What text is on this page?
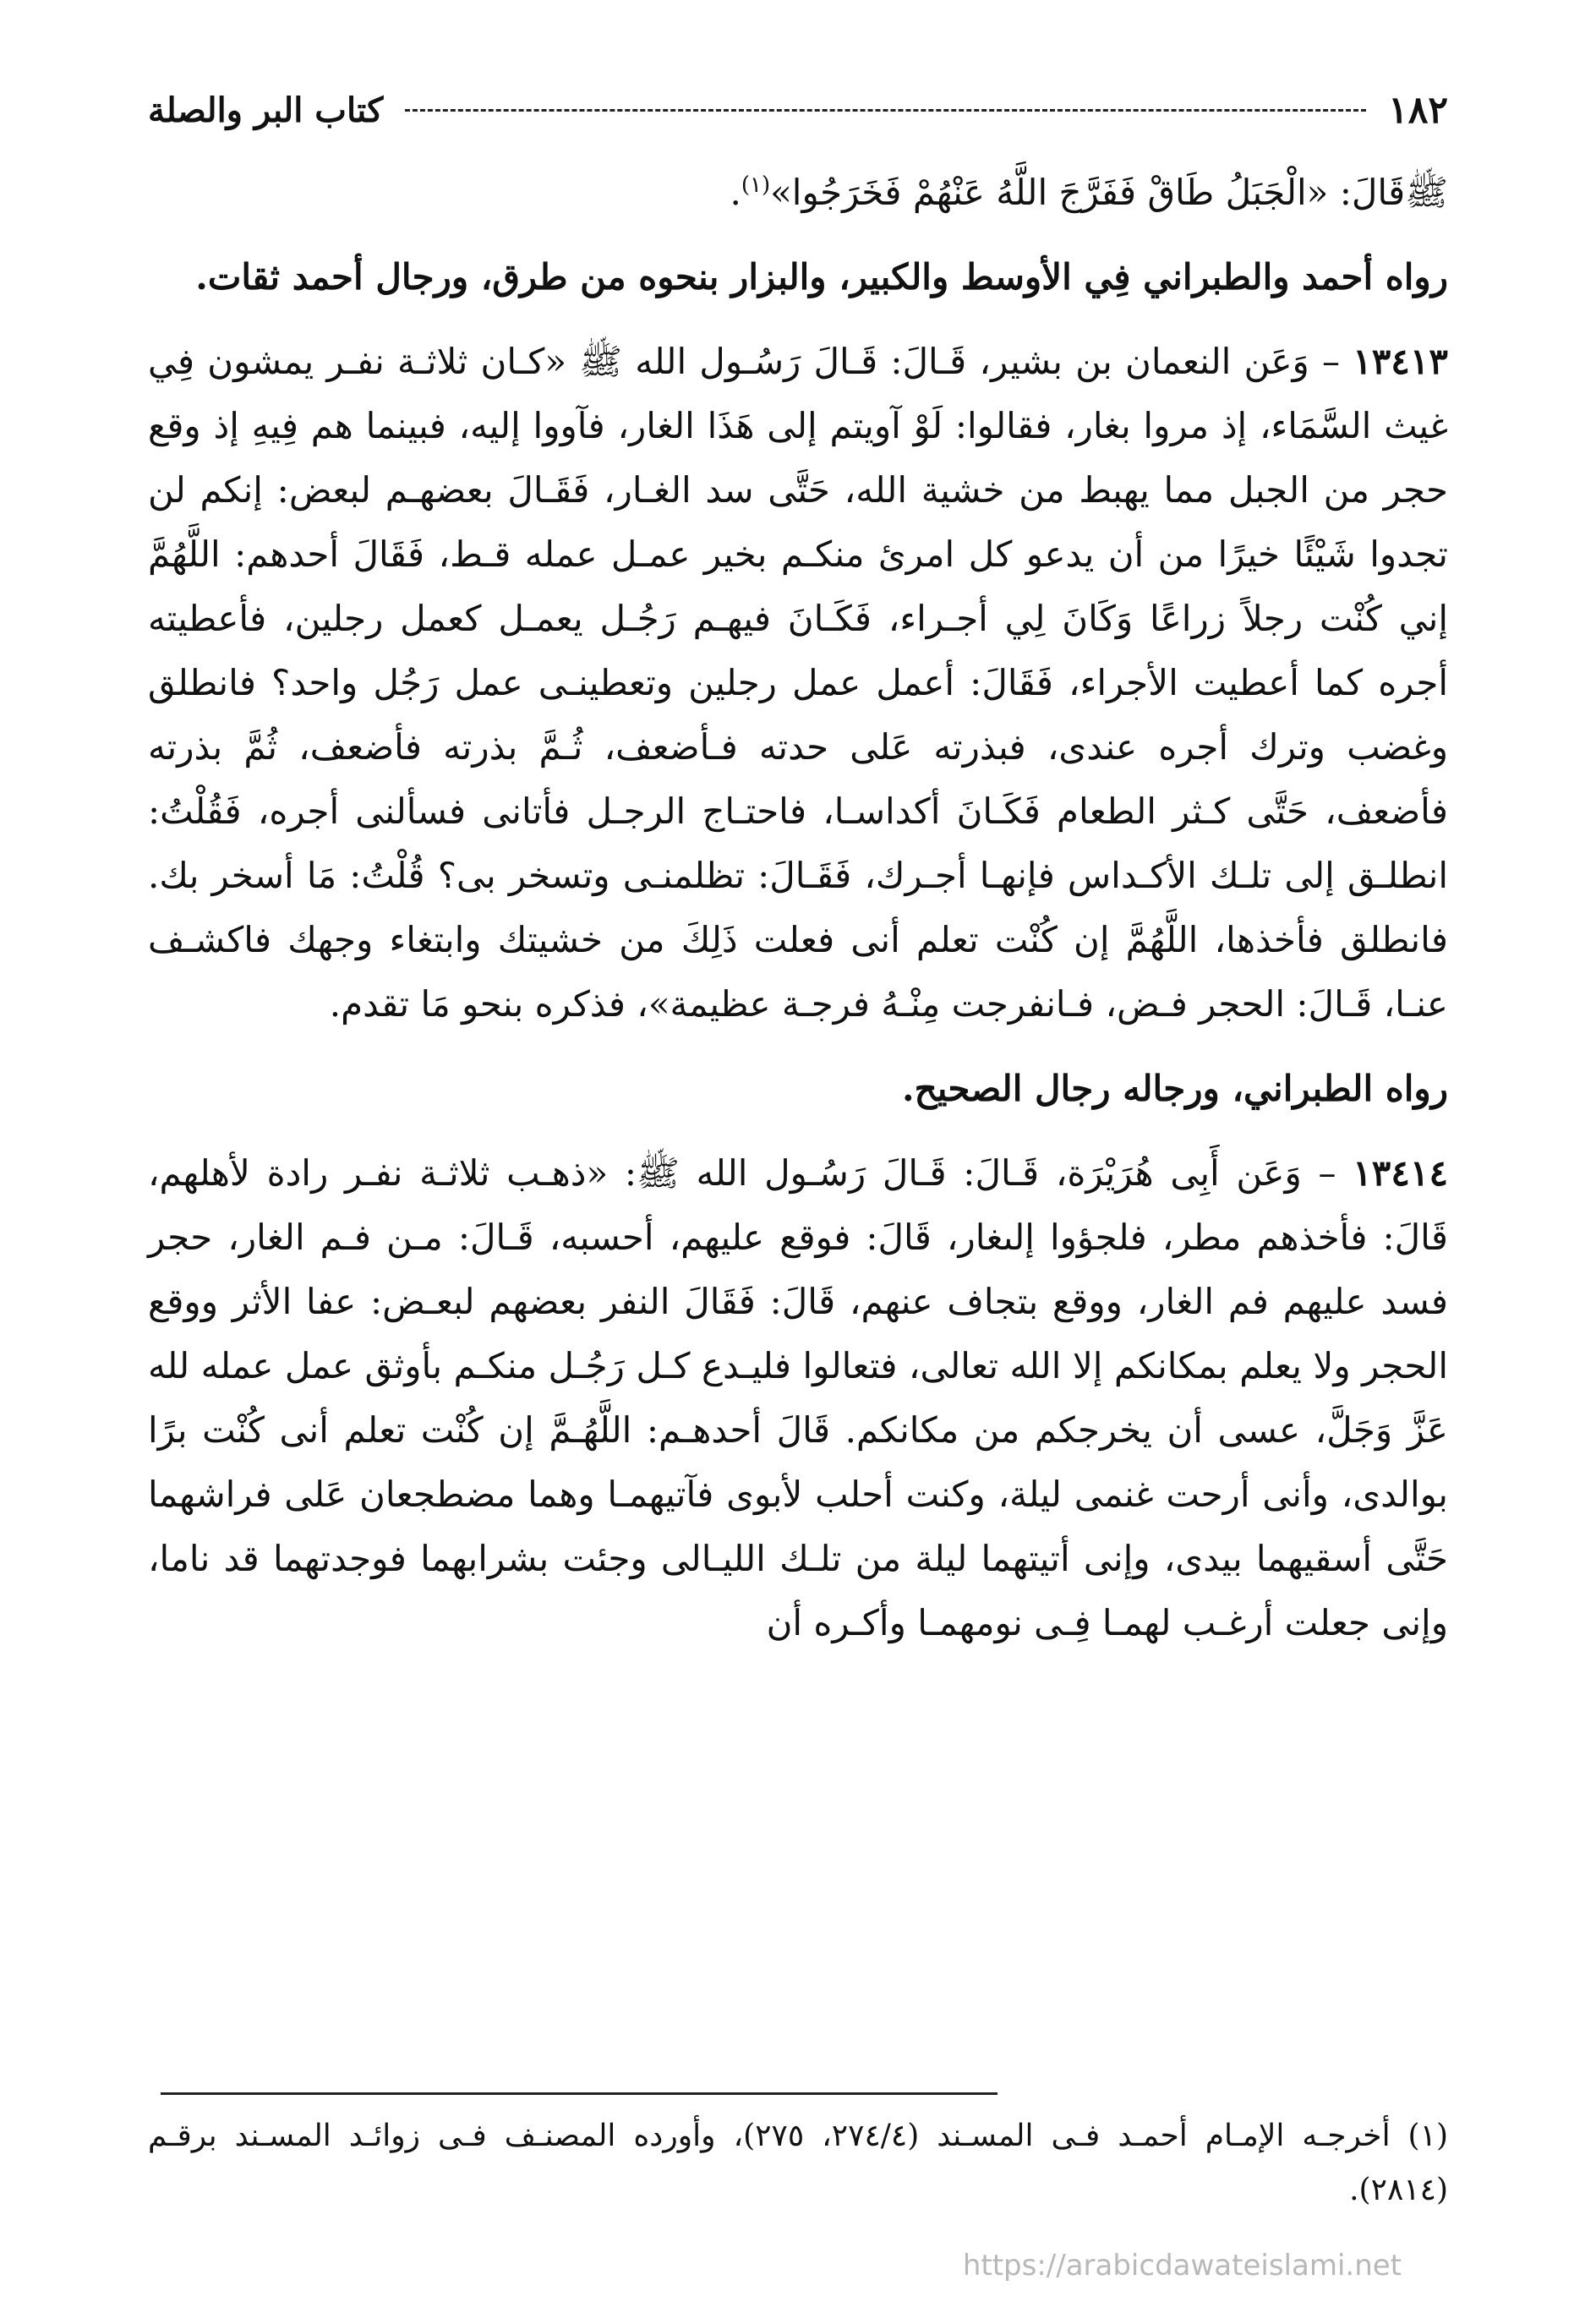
١٨٢
كتاب البر والصلة

ﷺقَالَ: «الْجَبَلُ طَاقْ فَفَرَّجَ اللَّهُ عَنْهُمْ فَخَرَجُوا»$^{(١)}$.

رواه أحمد والطبراني فِي الأوسط والكبير، والبزار بنحوه من طرق، ورجال أحمد ثقات.

١٣٤١٣ – وَعَن النعمان بن بشير، قَـالَ: قَـالَ رَسُـول الله ﷺ «كـان ثلاثـة نفـر يمشون فِي غيث السَّمَاء، إذ مروا بغار، فقالوا: لَوْ آويتم إلى هَذَا الغار، فآووا إليه، فبينما هم فِيهِ إذ وقع حجر من الجبل مما يهبط من خشية الله، حَتَّى سد الغـار، فَقَـالَ بعضهـم لبعض: إنكم لن تجدوا شَيْئًا خيرًا من أن يدعو كل امرئ منكـم بخير عمـل عمله قـط، فَقَالَ أحدهم: اللَّهُمَّ إني كُنْت رجلاً زراعًا وَكَانَ لِي أجـراء، فَكَـانَ فيهـم رَجُـل يعمـل كعمل رجلين، فأعطيته أجره كما أعطيت الأجراء، فَقَالَ: أعمل عمل رجلين وتعطينـى عمل رَجُل واحد؟ فانطلق وغضب وترك أجره عندى، فبذرته عَلى حدته فـأضعف، ثُـمَّ بذرته فأضعف، ثُمَّ بذرته فأضعف، حَتَّى كـثر الطعام فَكَـانَ أكداسـا، فاحتـاج الرجـل فأتانى فسألنى أجره، فَقُلْتُ: انطلـق إلى تلـك الأكـداس فإنهـا أجـرك، فَقَـالَ: تظلمنـى وتسخر بى؟ قُلْتُ: مَا أسخر بك. فانطلق فأخذها، اللَّهُمَّ إن كُنْت تعلم أنى فعلت ذَلِكَ من خشيتك وابتغاء وجهك فاكشـف عنـا، قَـالَ: الحجر فـض، فـانفرجت مِنْـهُ فرجـة عظيمة»، فذكره بنحو مَا تقدم.

رواه الطبراني، ورجاله رجال الصحيح.

١٣٤١٤ – وَعَن أَبِى هُرَيْرَة، قَـالَ: قَـالَ رَسُـول الله ﷺ: «ذهـب ثلاثـة نفـر رادة لأهلهم، قَالَ: فأخذهم مطر، فلجؤوا إلىغار، قَالَ: فوقع عليهم، أحسبه، قَـالَ: مـن فـم الغار، حجر فسد عليهم فم الغار، ووقع بتجاف عنهم، قَالَ: فَقَالَ النفر بعضهم لبعـض: عفا الأثر ووقع الحجر ولا يعلم بمكانكم إلا الله تعالى، فتعالوا فليـدع كـل رَجُـل منكـم بأوثق عمل عمله لله عَزَّ وَجَلَّ، عسى أن يخرجكم من مكانكم. قَالَ أحدهـم: اللَّهُـمَّ إن كُنْت تعلم أنى كُنْت برًا بوالدى، وأنى أرحت غنمى ليلة، وكنت أحلب لأبوى فآتيهمـا وهما مضطجعان عَلى فراشهما حَتَّى أسقيهما بيدى، وإنى أتيتهما ليلة من تلـك الليـالى وجئت بشرابهما فوجدتهما قد ناما، وإنى جعلت أرغـب لهمـا فِـى نومهمـا وأكـره أن

(١) أخرجـه الإمـام أحمـد فـى المسـند (٢٧٤/٤، ٢٧٥)، وأورده المصنـف فـى زوائـد المسـند برقـم (٢٨١٤).

https://arabicdawateislami.net
